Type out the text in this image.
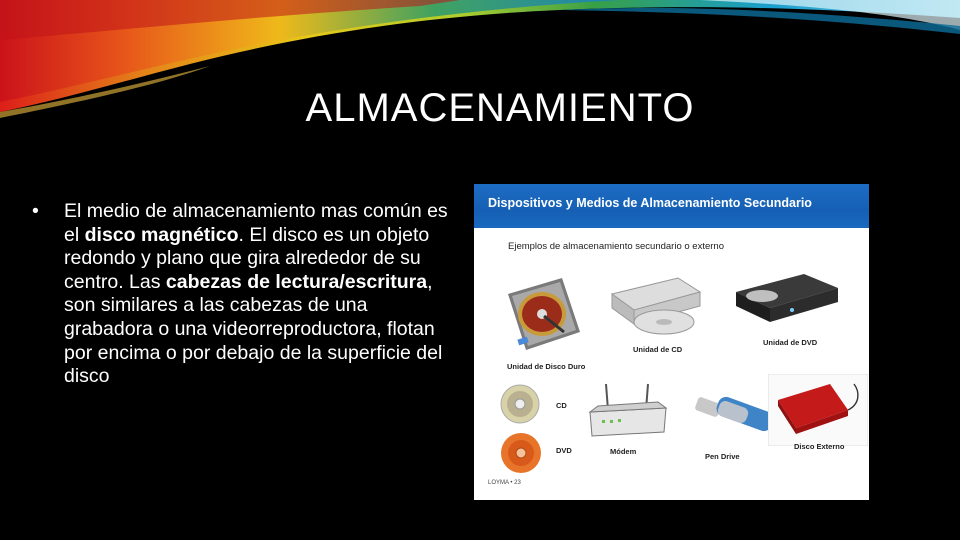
ALMACENAMIENTO
•	El medio de almacenamiento mas común es el disco magnético. El disco es un objeto redondo y plano que gira alrededor de su centro. Las cabezas de lectura/escritura, son similares a las cabezas de una grabadora o una videorreproductora, flotan por encima o por debajo de la superficie del disco
Dispositivos y Medios de Almacenamiento Secundario
Ejemplos de almacenamiento secundario o externo
Unidad de Disco Duro
Unidad de CD
Unidad de DVD
CD
DVD	Módem
Pen Drive
Disco Externo
LOYMA • 23
